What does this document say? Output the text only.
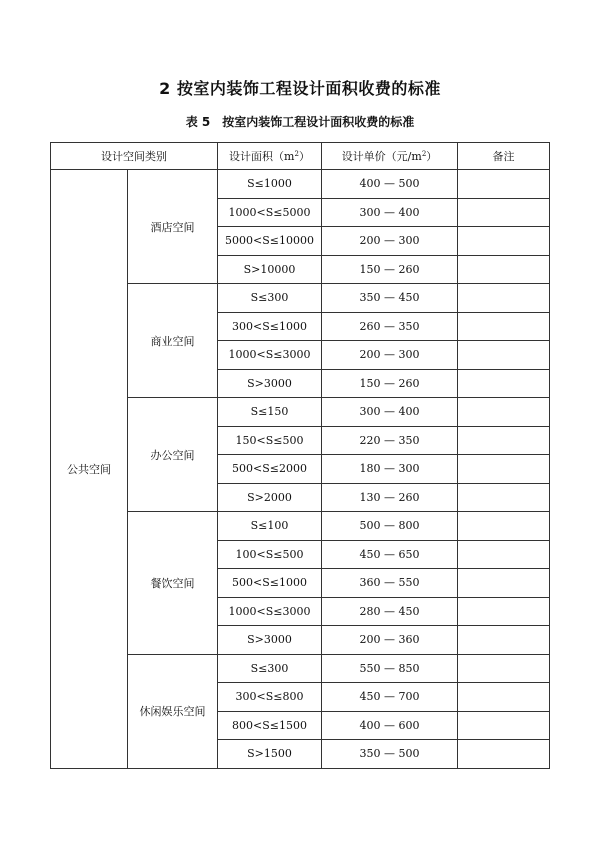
2 按室内装饰工程设计面积收费的标准
表 5 按室内装饰工程设计面积收费的标准
设计空间类别		设计面积$(m^2)$	设计单价（元$/m^2$）	备注
公共空间	酒店空间	S≤1000	400 — 500	
		1000<S≤5000	300 — 400	
		5000<S≤10000	200 — 300	
		S>10000	150 — 260	
	商业空间	S≤300	350 — 450	
		300<S≤1000	260 — 350	
		1000<S≤3000	200 — 300	
		S>3000	150 — 260	
	办公空间	S≤150	300 — 400	
		150<S≤500	220 — 350	
		500<S≤2000	180 — 300	
		S>2000	130 — 260	
	餐饮空间	S≤100	500 — 800	
		100<S≤500	450 — 650	
		500<S≤1000	360 — 550	
		1000<S≤3000	280 — 450	
		S>3000	200 — 360	
	休闲娱乐空间	S≤300	550 — 850	
		300<S≤800	450 — 700	
		800<S≤1500	400 — 600	
		S>1500	350 — 500	
